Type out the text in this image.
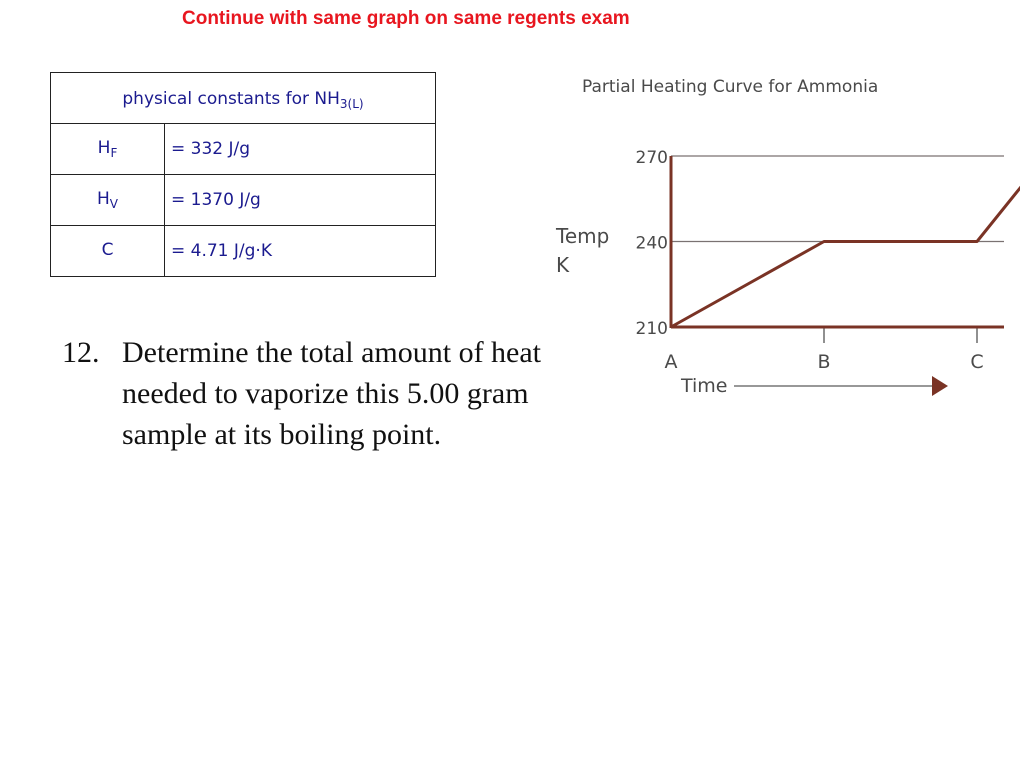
Continue with same graph on same regents exam
physical constants for $NH_{3(L)}$
$H_F$	= 332 J/g
$H_V$	= 1370 J/g
C	= 4.71 J/g·K
12. Determine the total amount of heat needed to vaporize this 5.00 gram sample at its boiling point.
Partial Heating Curve for Ammonia
210
240
270
A	B	C
Temp
K
Time
